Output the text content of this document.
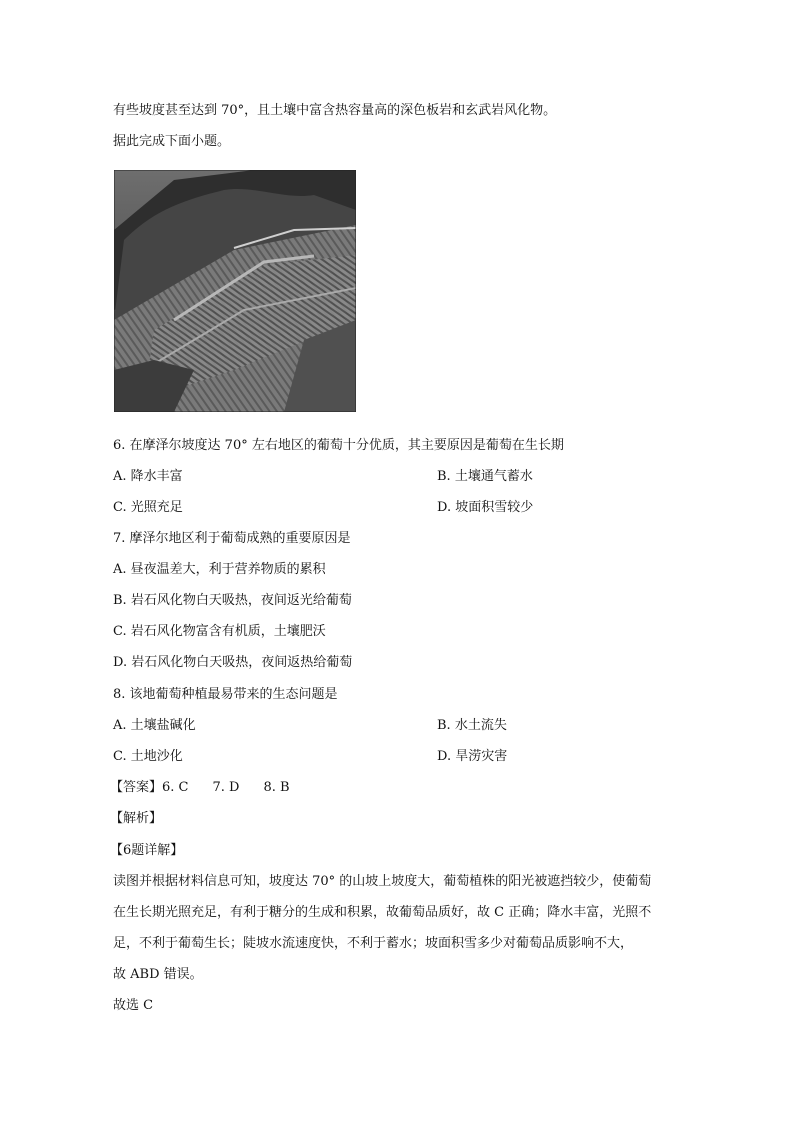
有些坡度甚至达到 70°，且土壤中富含热容量高的深色板岩和玄武岩风化物。
据此完成下面小题。
6. 在摩泽尔坡度达 70° 左右地区的葡萄十分优质，其主要原因是葡萄在生长期
A. 降水丰富	B. 土壤通气蓄水
C. 光照充足	D. 坡面积雪较少
7. 摩泽尔地区利于葡萄成熟的重要原因是
A. 昼夜温差大，利于营养物质的累积
B. 岩石风化物白天吸热，夜间返光给葡萄
C. 岩石风化物富含有机质，土壤肥沃
D. 岩石风化物白天吸热，夜间返热给葡萄
8. 该地葡萄种植最易带来的生态问题是
A. 土壤盐碱化	B. 水土流失
C. 土地沙化	D. 旱涝灾害
【答案】6. C 7. D 8. B
【解析】
【6题详解】
读图并根据材料信息可知，坡度达 70° 的山坡上坡度大，葡萄植株的阳光被遮挡较少，使葡萄
在生长期光照充足，有利于糖分的生成和积累，故葡萄品质好，故 C 正确；降水丰富，光照不
足，不利于葡萄生长；陡坡水流速度快，不利于蓄水；坡面积雪多少对葡萄品质影响不大，
故 ABD 错误。
故选 C
